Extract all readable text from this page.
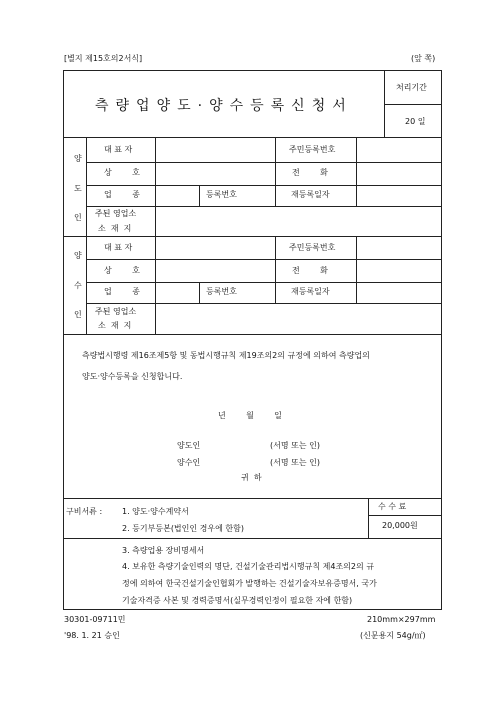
[별지 제15호의2서식]	(앞 쪽)
측량업양도·양수등록신청서
처리기간
20 일
양
도
인
대 표 자	주민등록번호
상        호	전        화
업        종	등록번호	재등록일자
주된 영업소
소  재  지
양
수
인
대 표 자	주민등록번호
상        호	전        화
업        종	등록번호	재등록일자
주된 영업소
소  재  지
측량법시행령 제16조제5항 및 동법시행규칙 제19조의2의 규정에 의하여 측량업의
양도·양수등록을 신청합니다.
년        월        일
양도인	(서명 또는 인)
양수인	(서명 또는 인)
귀  하
수 수 료
20,000원
구비서류 : 1. 양도·양수계약서
2. 등기부등본(법인인 경우에 한함)
3. 측량업용 장비명세서
4. 보유한 측량기술인력의 명단, 건설기술관리법시행규칙 제4조의2의 규
정에 의하여 한국건설기술인협회가 발행하는 건설기술자보유증명서, 국가
기술자격증 사본 및 경력증명서(실무경력인정이 필요한 자에 한함)
30301-09711민	210mm×297mm
'98. 1. 21 승인	(신문용지 54g/㎡)
